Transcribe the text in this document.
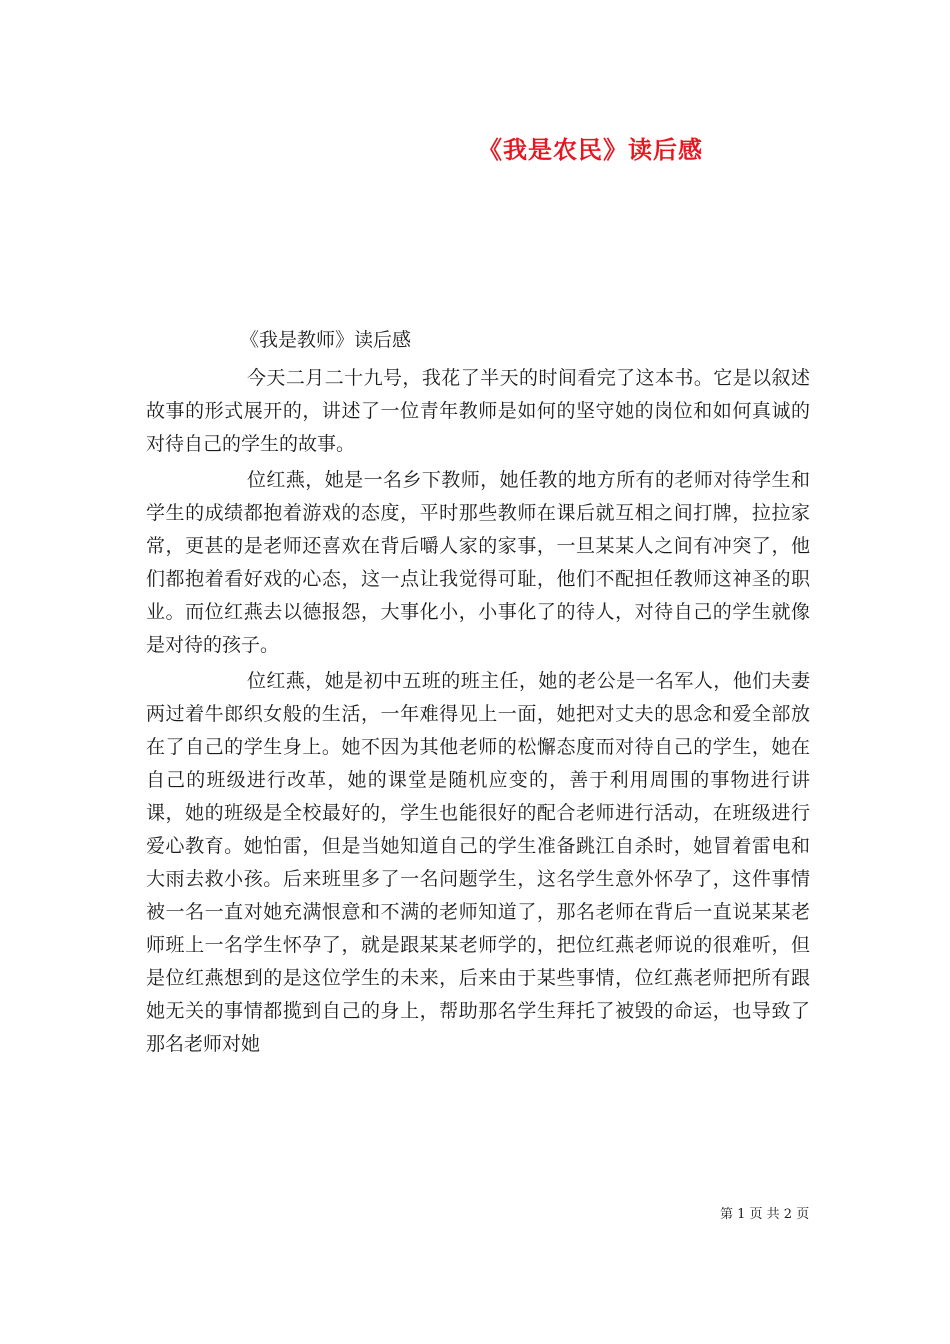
《我是农民》读后感
《我是教师》读后感

今天二月二十九号，我花了半天的时间看完了这本书。它是以叙述故事的形式展开的，讲述了一位青年教师是如何的坚守她的岗位和如何真诚的对待自己的学生的故事。

位红燕，她是一名乡下教师，她任教的地方所有的老师对待学生和学生的成绩都抱着游戏的态度，平时那些教师在课后就互相之间打牌，拉拉家常，更甚的是老师还喜欢在背后嚼人家的家事，一旦某某人之间有冲突了，他们都抱着看好戏的心态，这一点让我觉得可耻，他们不配担任教师这神圣的职业。而位红燕去以德报怨，大事化小，小事化了的待人，对待自己的学生就像是对待的孩子。

位红燕，她是初中五班的班主任，她的老公是一名军人，他们夫妻两过着牛郎织女般的生活，一年难得见上一面，她把对丈夫的思念和爱全部放在了自己的学生身上。她不因为其他老师的松懈态度而对待自己的学生，她在自己的班级进行改革，她的课堂是随机应变的，善于利用周围的事物进行讲课，她的班级是全校最好的，学生也能很好的配合老师进行活动，在班级进行爱心教育。她怕雷，但是当她知道自己的学生准备跳江自杀时，她冒着雷电和大雨去救小孩。后来班里多了一名问题学生，这名学生意外怀孕了，这件事情被一名一直对她充满恨意和不满的老师知道了，那名老师在背后一直说某某老师班上一名学生怀孕了，就是跟某某老师学的，把位红燕老师说的很难听，但是位红燕想到的是这位学生的未来，后来由于某些事情，位红燕老师把所有跟她无关的事情都揽到自己的身上，帮助那名学生拜托了被毁的命运，也导致了那名老师对她

第 1 页 共 2 页
